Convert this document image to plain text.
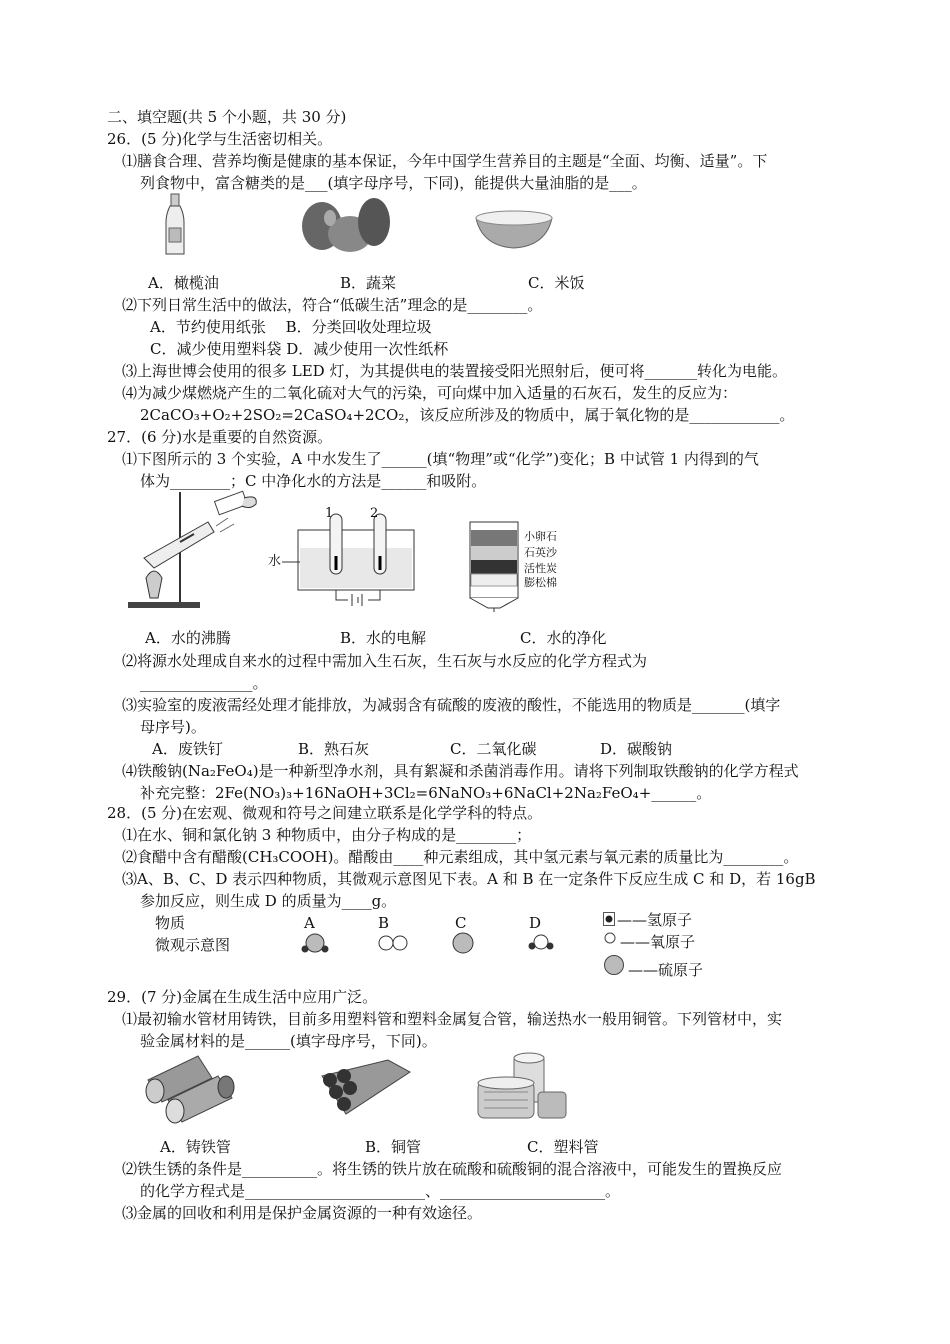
二、填空题(共 5 个小题，共 30 分)
26．(5 分)化学与生活密切相关。
⑴膳食合理、营养均衡是健康的基本保证，今年中国学生营养目的主题是“全面、均衡、适量”。下
列食物中，富含糖类的是___(填字母序号，下同)，能提供大量油脂的是___。
A．橄榄油	B．蔬菜	C．米饭
⑵下列日常生活中的做法，符合“低碳生活”理念的是________。
A．节约使用纸张　 B．分类回收处理垃圾
C．减少使用塑料袋 D．减少使用一次性纸杯
⑶上海世博会使用的很多 LED 灯，为其提供电的装置接受阳光照射后，便可将_______转化为电能。
⑷为减少煤燃烧产生的二氧化硫对大气的污染，可向煤中加入适量的石灰石，发生的反应为：
2CaCO₃+O₂+2SO₂=2CaSO₄+2CO₂，该反应所涉及的物质中，属于氧化物的是____________。
27．(6 分)水是重要的自然资源。
⑴下图所示的 3 个实验，A 中水发生了______(填“物理”或“化学”)变化；B 中试管 1 内得到的气
体为________；C 中净化水的方法是______和吸附。
1	2
水
小卵石
石英沙
活性炭
膨松棉
A．水的沸腾	B．水的电解	C．水的净化
⑵将源水处理成自来水的过程中需加入生石灰，生石灰与水反应的化学方程式为
_______________。
⑶实验室的废液需经处理才能排放，为减弱含有硫酸的废液的酸性，不能选用的物质是_______(填字
母序号)。
A．废铁钉	B．熟石灰	C．二氧化碳	D．碳酸钠
⑷铁酸钠(Na₂FeO₄)是一种新型净水剂，具有絮凝和杀菌消毒作用。请将下列制取铁酸钠的化学方程式
补充完整：2Fe(NO₃)₃+16NaOH+3Cl₂=6NaNO₃+6NaCl+2Na₂FeO₄+______。
28．(5 分)在宏观、微观和符号之间建立联系是化学学科的特点。
⑴在水、铜和氯化钠 3 种物质中，由分子构成的是________；
⑵食醋中含有醋酸(CH₃COOH)。醋酸由____种元素组成，其中氢元素与氧元素的质量比为________。
⑶A、B、C、D 表示四种物质，其微观示意图见下表。A 和 B 在一定条件下反应生成 C 和 D，若 16gB
参加反应，则生成 D 的质量为____g。
物质
微观示意图
A	B	C	D	——氢原子
——氧原子
——硫原子
29．(7 分)金属在生成生活中应用广泛。
⑴最初输水管材用铸铁，目前多用塑料管和塑料金属复合管，输送热水一般用铜管。下列管材中，实
验金属材料的是______(填字母序号，下同)。
A．铸铁管	B．铜管	C．塑料管
⑵铁生锈的条件是__________。将生锈的铁片放在硫酸和硫酸铜的混合溶液中，可能发生的置换反应
的化学方程式是________________________、______________________。
⑶金属的回收和利用是保护金属资源的一种有效途径。
